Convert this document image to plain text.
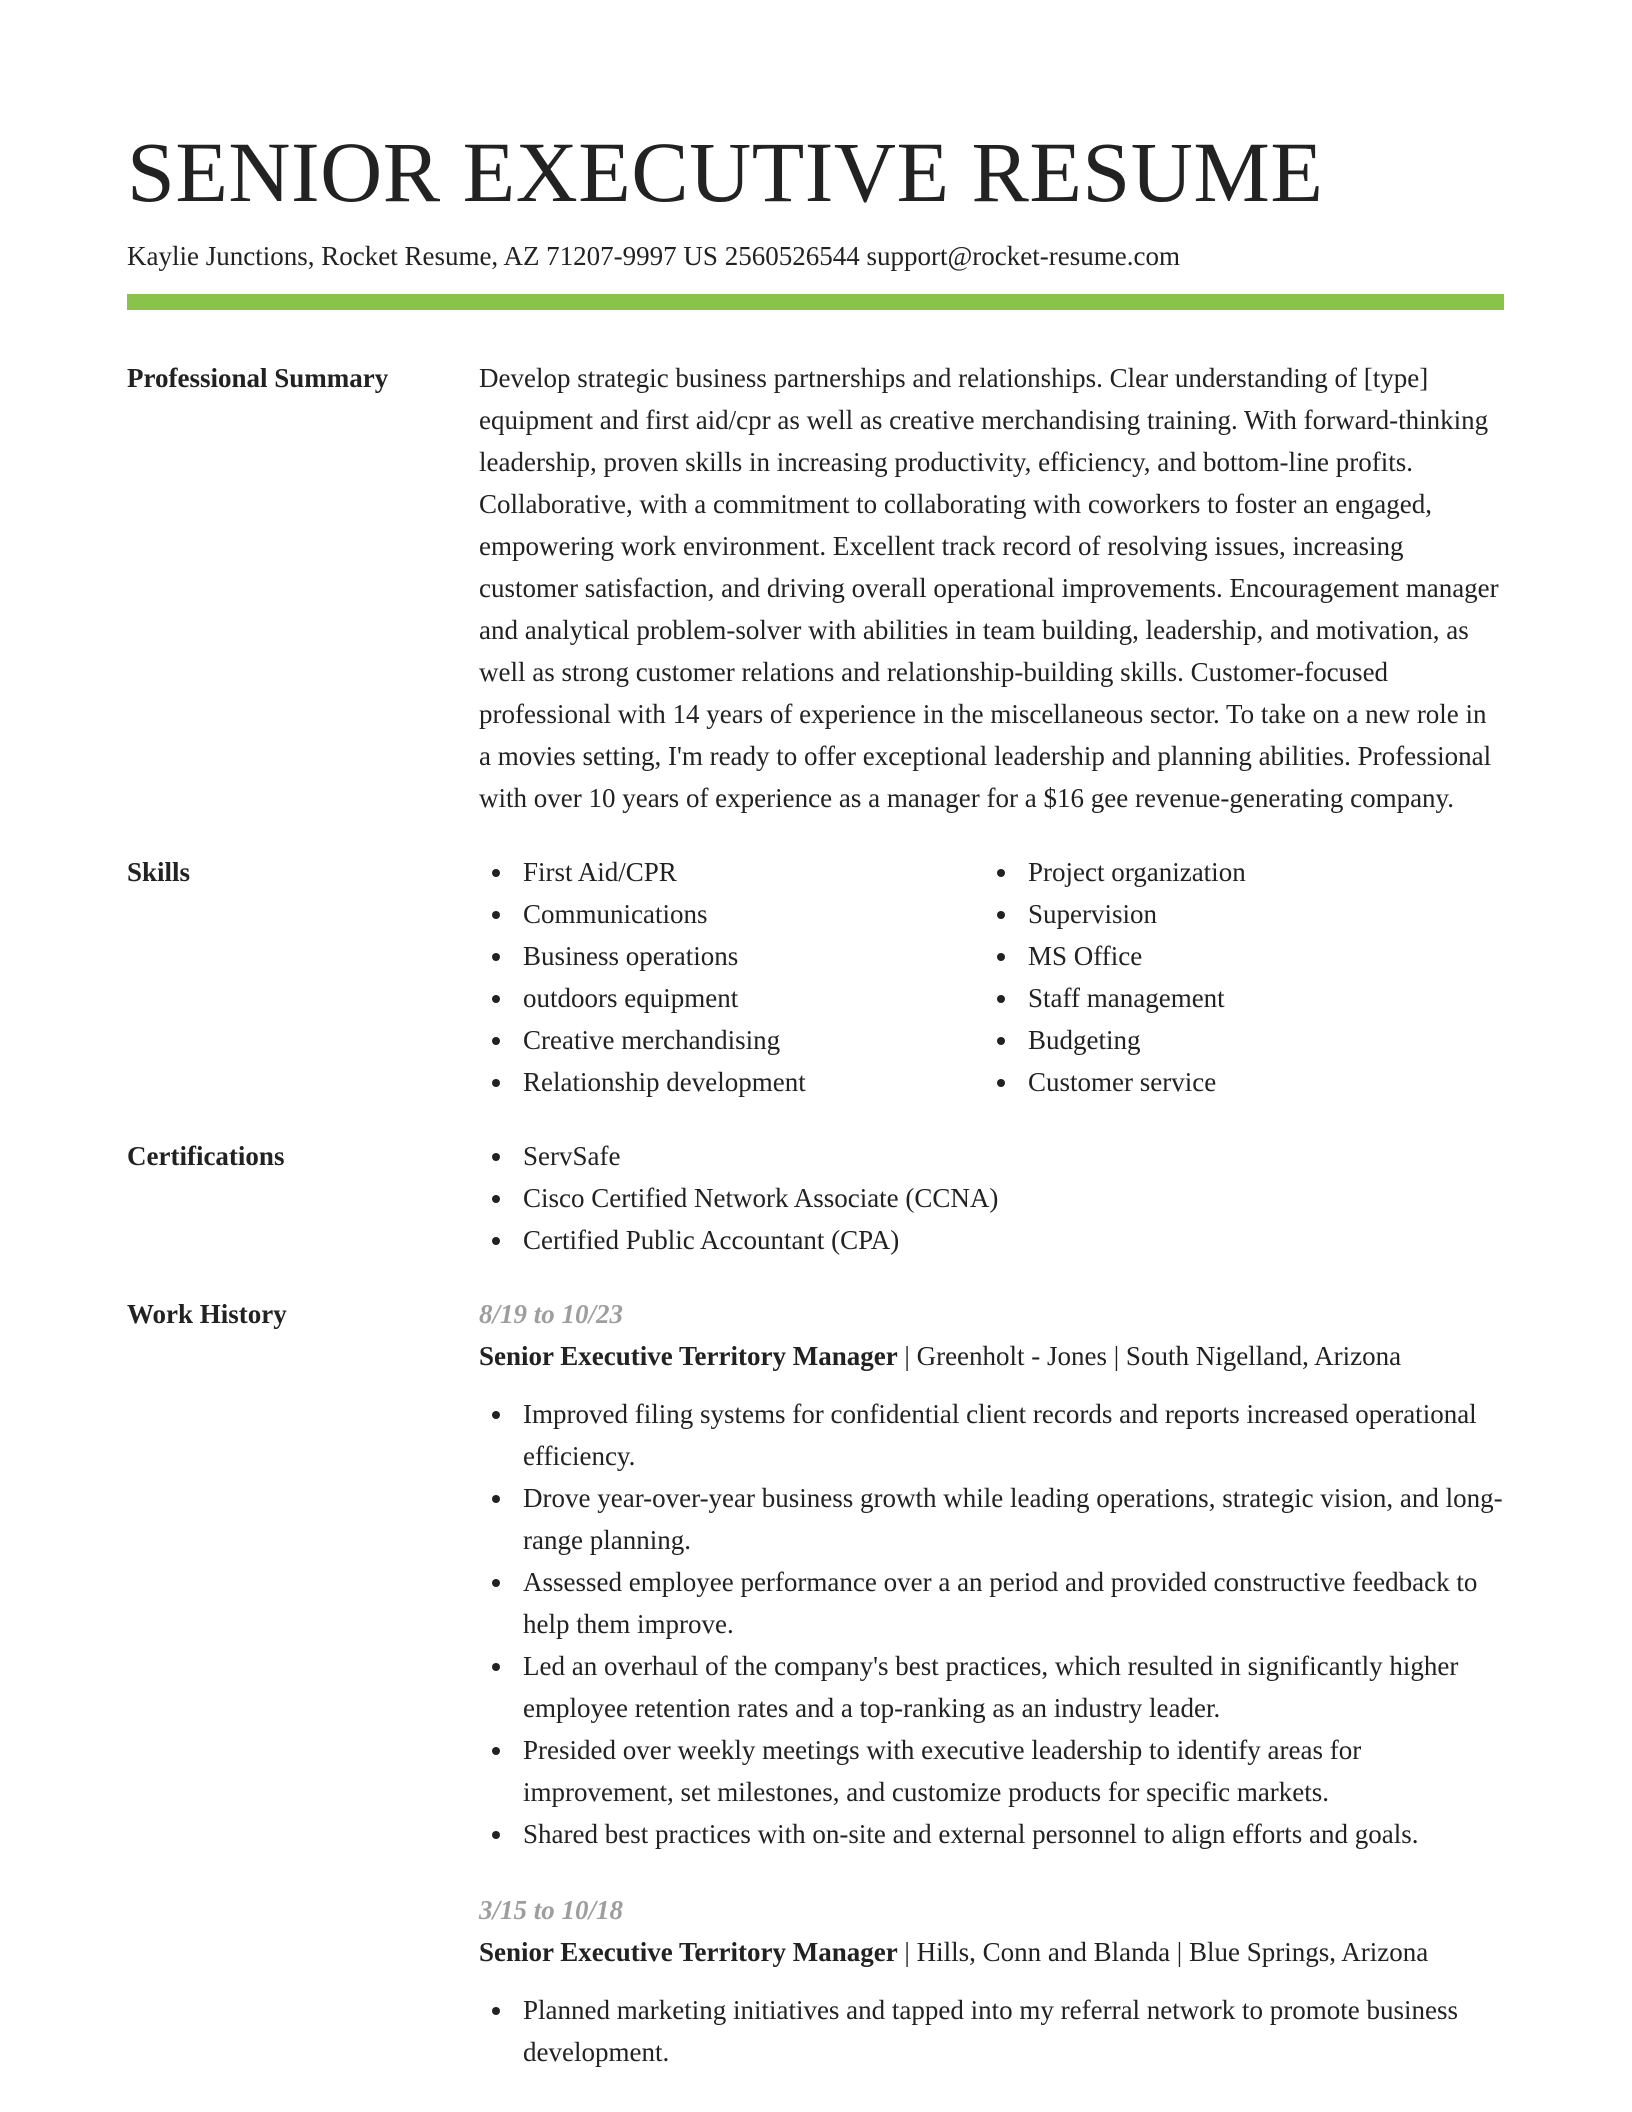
SENIOR EXECUTIVE RESUME
Kaylie Junctions, Rocket Resume, AZ 71207-9997 US 2560526544 support@rocket-resume.com
Professional Summary	Develop strategic business partnerships and relationships. Clear understanding of [type] equipment and first aid/cpr as well as creative merchandising training. With forward-thinking leadership, proven skills in increasing productivity, efficiency, and bottom-line profits. Collaborative, with a commitment to collaborating with coworkers to foster an engaged, empowering work environment. Excellent track record of resolving issues, increasing customer satisfaction, and driving overall operational improvements. Encouragement manager and analytical problem-solver with abilities in team building, leadership, and motivation, as well as strong customer relations and relationship-building skills. Customer-focused professional with 14 years of experience in the miscellaneous sector. To take on a new role in a movies setting, I'm ready to offer exceptional leadership and planning abilities. Professional with over 10 years of experience as a manager for a $16 gee revenue-generating company.
Skills	First Aid/CPR
Communications
Business operations
outdoors equipment
Creative merchandising
Relationship development
Project organization
Supervision
MS Office
Staff management
Budgeting
Customer service
Certifications	ServSafe
Cisco Certified Network Associate (CCNA)
Certified Public Accountant (CPA)
Work History	8/19 to 10/23
Senior Executive Territory Manager | Greenholt - Jones | South Nigelland, Arizona
Improved filing systems for confidential client records and reports increased operational efficiency.
Drove year-over-year business growth while leading operations, strategic vision, and long-range planning.
Assessed employee performance over a an period and provided constructive feedback to help them improve.
Led an overhaul of the company's best practices, which resulted in significantly higher employee retention rates and a top-ranking as an industry leader.
Presided over weekly meetings with executive leadership to identify areas for improvement, set milestones, and customize products for specific markets.
Shared best practices with on-site and external personnel to align efforts and goals.
3/15 to 10/18
Senior Executive Territory Manager | Hills, Conn and Blanda | Blue Springs, Arizona
Planned marketing initiatives and tapped into my referral network to promote business development.
